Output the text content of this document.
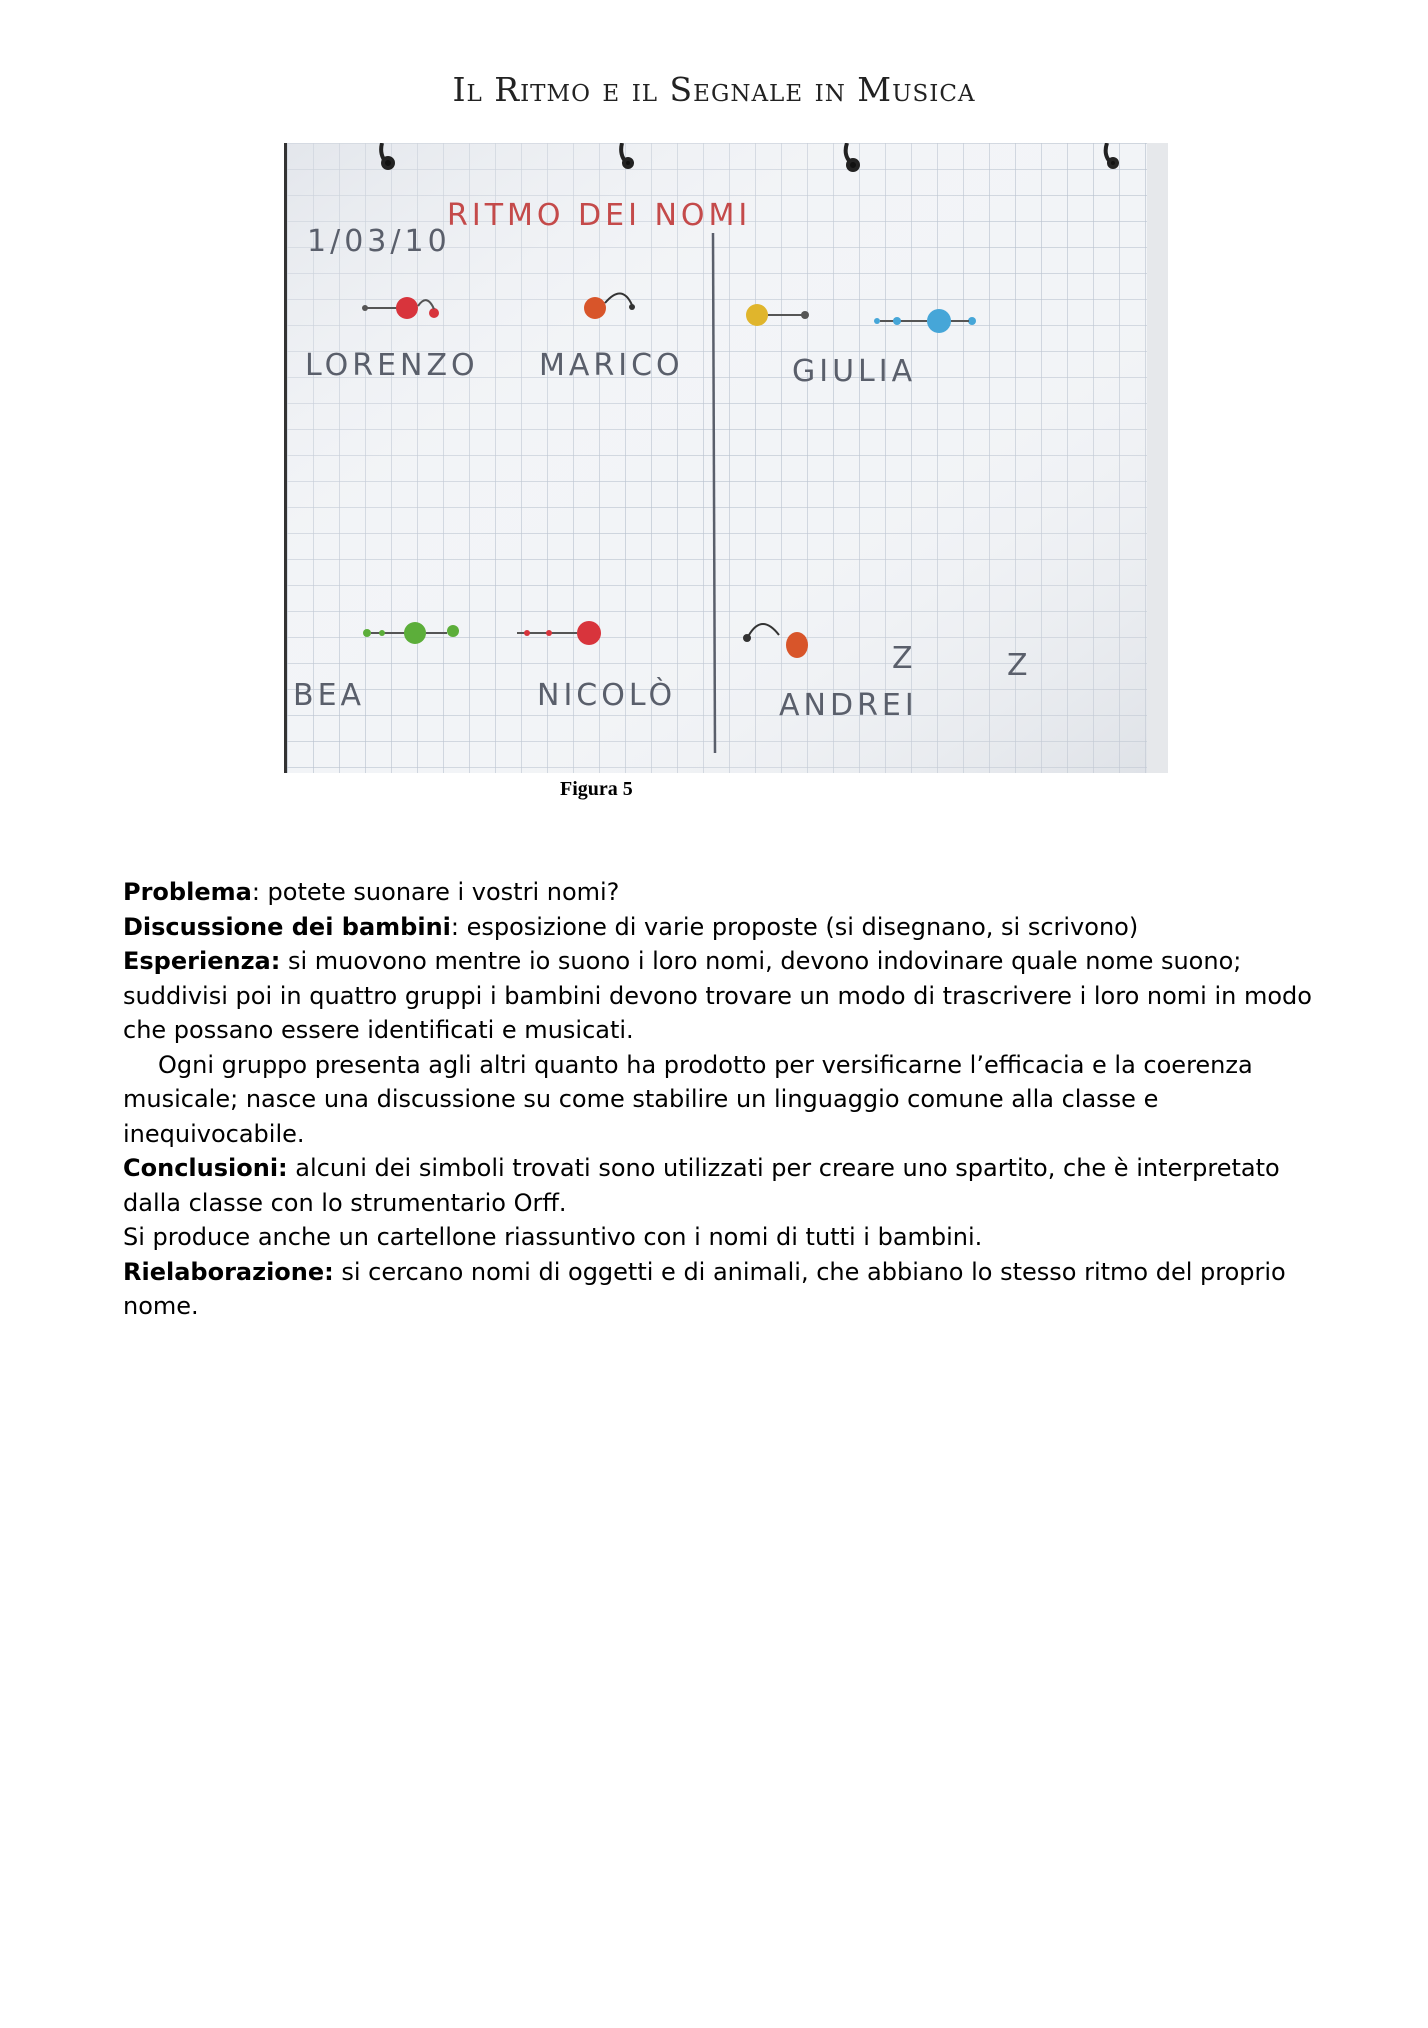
Il Ritmo e il Segnale in Musica
1/03/10
RITMO DEI NOMI
LORENZO MARICO	GIULIA
Z	Z
BEA	NICOLÒ	ANDREI
Figura 5

Problema: potete suonare i vostri nomi?

Discussione dei bambini: esposizione di varie proposte (si disegnano, si scrivono)

Esperienza: si muovono mentre io suono i loro nomi, devono indovinare quale nome suono; suddivisi poi in quattro gruppi i bambini devono trovare un modo di trascrivere i loro nomi in modo che possano essere identificati e musicati.

Ogni gruppo presenta agli altri quanto ha prodotto per versificarne l’efficacia e la coerenza musicale; nasce una discussione su come stabilire un linguaggio comune alla classe e inequivocabile.

Conclusioni: alcuni dei simboli trovati sono utilizzati per creare uno spartito, che è interpretato dalla classe con lo strumentario Orff.

Si produce anche un cartellone riassuntivo con i nomi di tutti i bambini.

Rielaborazione: si cercano nomi di oggetti e di animali, che abbiano lo stesso ritmo del proprio nome.
